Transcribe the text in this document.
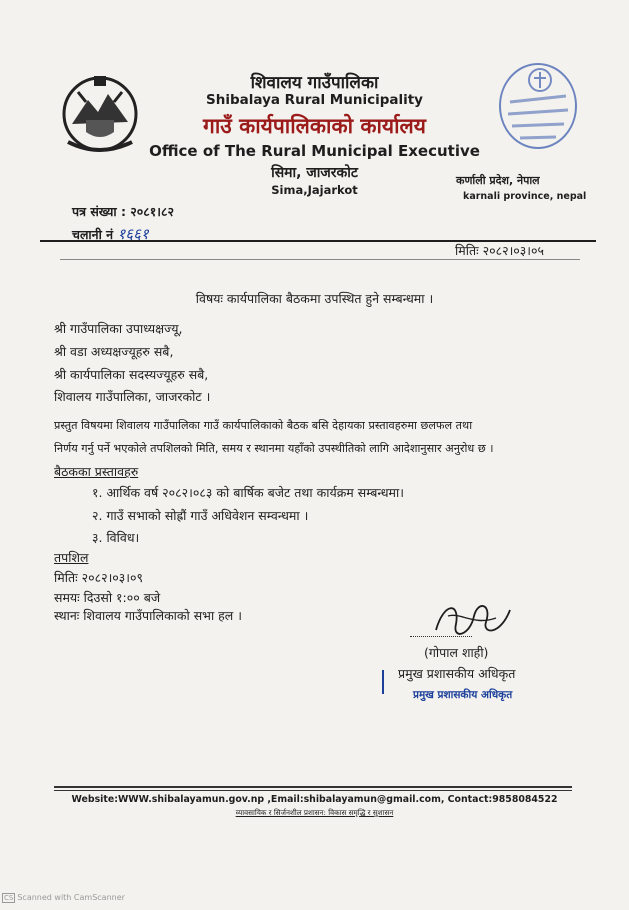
शिवालय गाउँपालिका
Shibalaya Rural Municipality
गाउँ कार्यपालिकाको कार्यालय
Office of The Rural Municipal Executive
सिमा, जाजरकोट
Sima,Jajarkot
कर्णाली प्रदेश, नेपाल
karnali province, nepal
पत्र संख्या : २०८१।८२
चलानी नं १६६१
मितिः २०८२।०३।०५
विषयः कार्यपालिका बैठकमा उपस्थित हुने सम्बन्धमा ।
श्री गाउँपालिका उपाध्यक्षज्यू,
श्री वडा अध्यक्षज्यूहरु सबै,
श्री कार्यपालिका सदस्यज्यूहरु सबै,
शिवालय गाउँपालिका, जाजरकोट ।
प्रस्तुत विषयमा शिवालय गाउँपालिका गाउँ कार्यपालिकाको बैठक बसि देहायका प्रस्तावहरुमा छलफल तथा
निर्णय गर्नु पर्ने भएकोले तपशिलको मिति, समय र स्थानमा यहाँको उपस्थीतिको लागि आदेशानुसार अनुरोध छ ।
बैठकका प्रस्तावहरु
१. आर्थिक वर्ष २०८२।०८३ को बार्षिक बजेट तथा कार्यक्रम सम्बन्धमा।
२. गाउँ सभाको सोह्रौं गाउँ अधिवेशन सम्वन्धमा ।
३. विविध।
तपशिल
मितिः २०८२।०३।०९
समयः दिउसो १:०० बजे
स्थानः शिवालय गाउँपालिकाको सभा हल ।
(गोपाल शाही)
प्रमुख प्रशासकीय अधिकृत
प्रमुख प्रशासकीय अधिकृत
Website:WWW.shibalayamun.gov.np ,Email:shibalayamun@gmail.com, Contact:9858084522
व्यावसायिक र सिर्जनशील प्रशासन: विकास समृद्धि र सुशासन
CS Scanned with CamScanner
